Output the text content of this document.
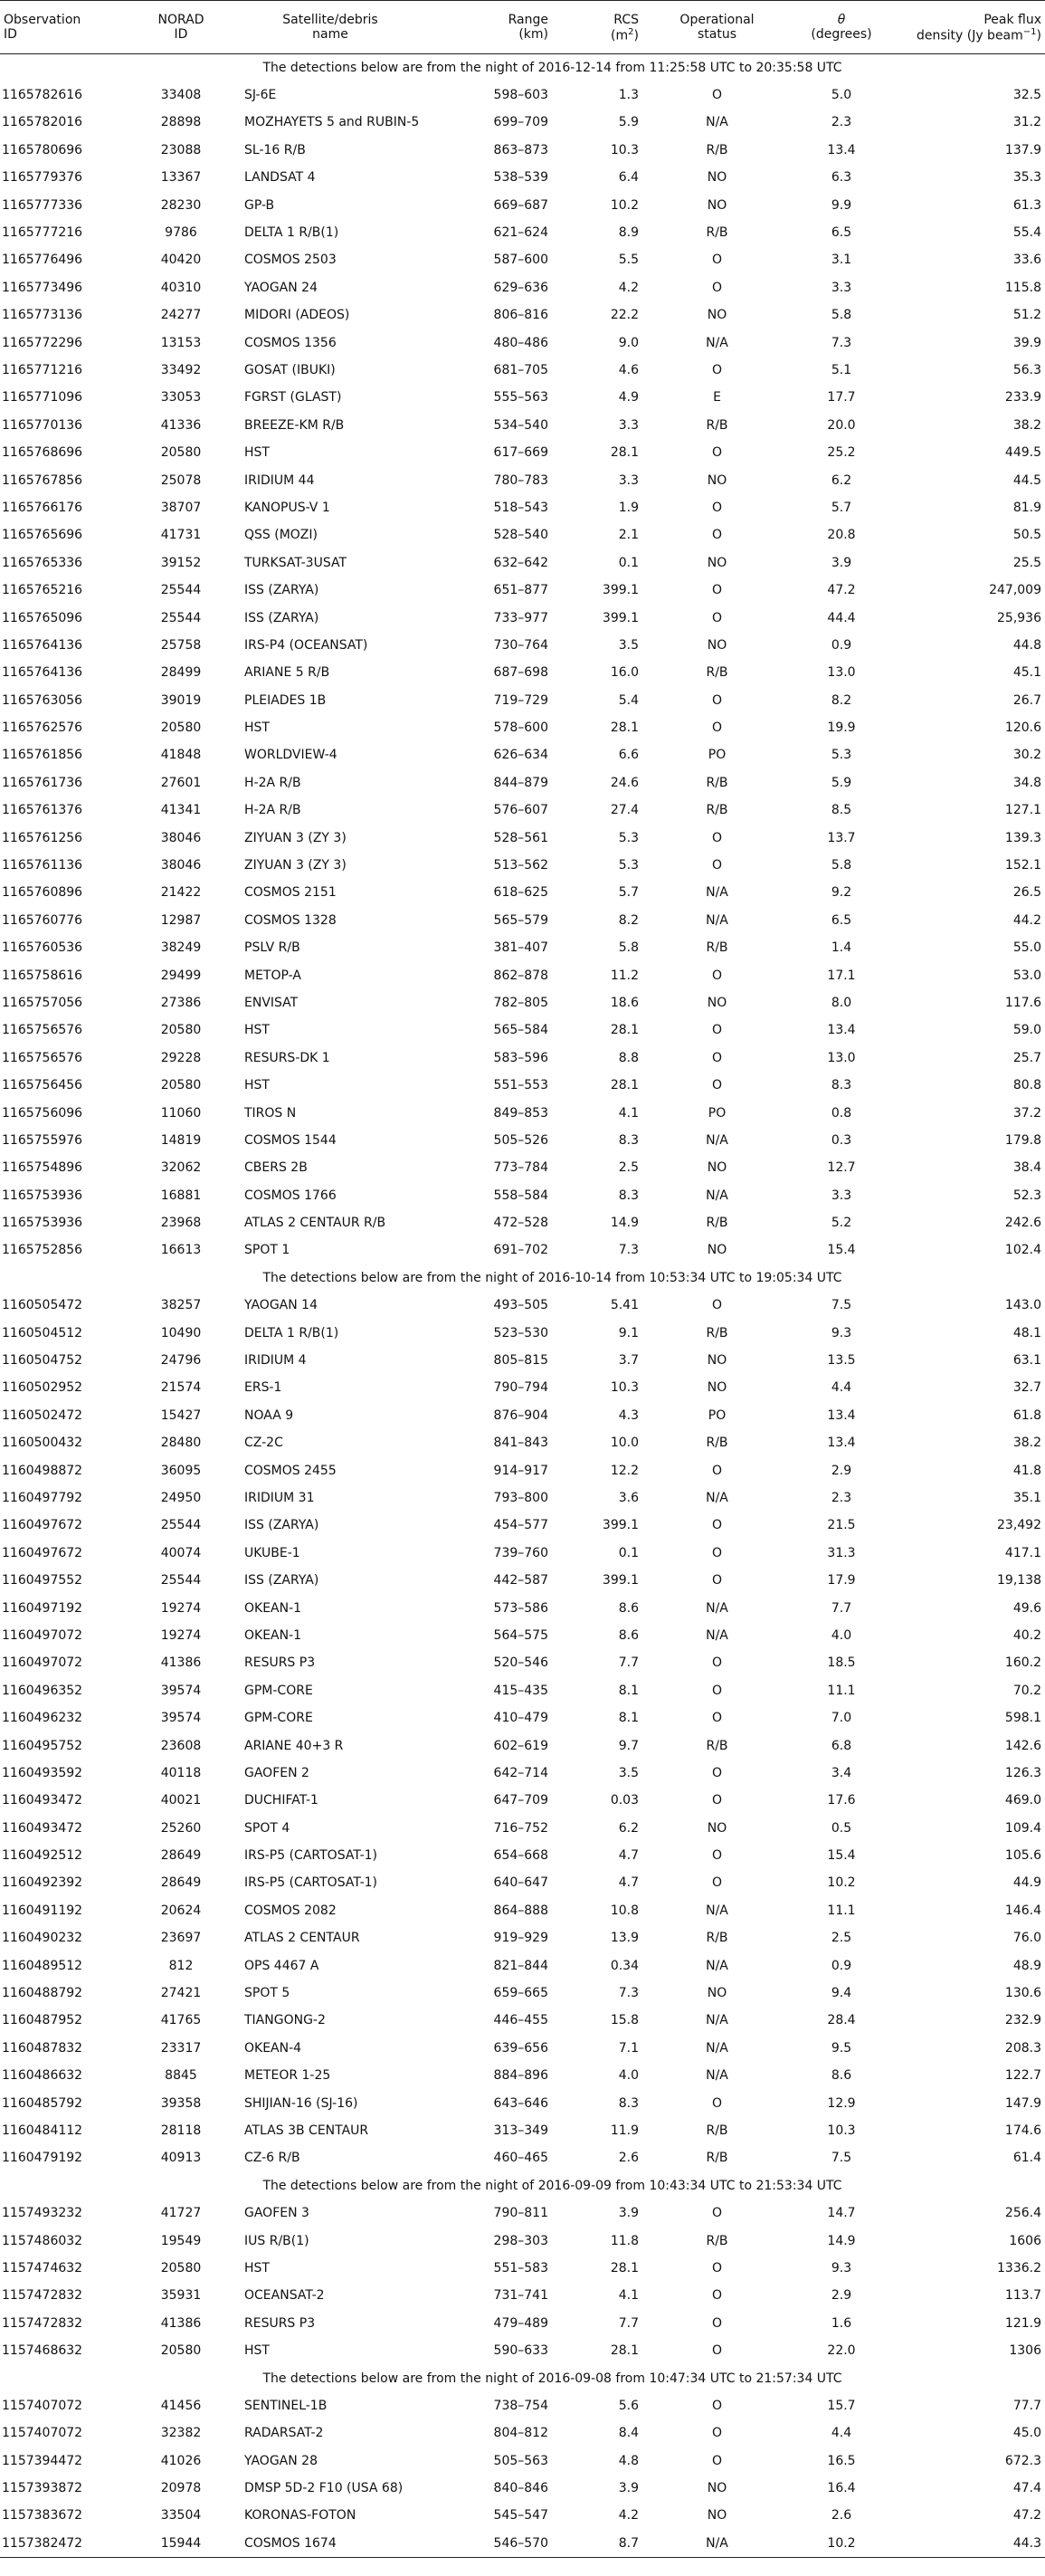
Observation	NORAD	Satellite/debris	Range	RCS	Operational	θ	Peak flux
ID	ID	name	(km)	$(m^2)$	status	(degrees)	density (Jy beam$^{-1}$)
The detections below are from the night of 2016-12-14 from 11:25:58 UTC to 20:35:58 UTC							
1165782616	33408	SJ-6E	598–603	1.3	O	5.0	32.5
1165782016	28898	MOZHAYETS 5 and RUBIN-5	699–709	5.9	N/A	2.3	31.2
1165780696	23088	SL-16 R/B	863–873	10.3	R/B	13.4	137.9
1165779376	13367	LANDSAT 4	538–539	6.4	NO	6.3	35.3
1165777336	28230	GP-B	669–687	10.2	NO	9.9	61.3
1165777216	9786	DELTA 1 R/B(1)	621–624	8.9	R/B	6.5	55.4
1165776496	40420	COSMOS 2503	587–600	5.5	O	3.1	33.6
1165773496	40310	YAOGAN 24	629–636	4.2	O	3.3	115.8
1165773136	24277	MIDORI (ADEOS)	806–816	22.2	NO	5.8	51.2
1165772296	13153	COSMOS 1356	480–486	9.0	N/A	7.3	39.9
1165771216	33492	GOSAT (IBUKI)	681–705	4.6	O	5.1	56.3
1165771096	33053	FGRST (GLAST)	555–563	4.9	E	17.7	233.9
1165770136	41336	BREEZE-KM R/B	534–540	3.3	R/B	20.0	38.2
1165768696	20580	HST	617–669	28.1	O	25.2	449.5
1165767856	25078	IRIDIUM 44	780–783	3.3	NO	6.2	44.5
1165766176	38707	KANOPUS-V 1	518–543	1.9	O	5.7	81.9
1165765696	41731	QSS (MOZI)	528–540	2.1	O	20.8	50.5
1165765336	39152	TURKSAT-3USAT	632–642	0.1	NO	3.9	25.5
1165765216	25544	ISS (ZARYA)	651–877	399.1	O	47.2	247,009
1165765096	25544	ISS (ZARYA)	733–977	399.1	O	44.4	25,936
1165764136	25758	IRS-P4 (OCEANSAT)	730–764	3.5	NO	0.9	44.8
1165764136	28499	ARIANE 5 R/B	687–698	16.0	R/B	13.0	45.1
1165763056	39019	PLEIADES 1B	719–729	5.4	O	8.2	26.7
1165762576	20580	HST	578–600	28.1	O	19.9	120.6
1165761856	41848	WORLDVIEW-4	626–634	6.6	PO	5.3	30.2
1165761736	27601	H-2A R/B	844–879	24.6	R/B	5.9	34.8
1165761376	41341	H-2A R/B	576–607	27.4	R/B	8.5	127.1
1165761256	38046	ZIYUAN 3 (ZY 3)	528–561	5.3	O	13.7	139.3
1165761136	38046	ZIYUAN 3 (ZY 3)	513–562	5.3	O	5.8	152.1
1165760896	21422	COSMOS 2151	618–625	5.7	N/A	9.2	26.5
1165760776	12987	COSMOS 1328	565–579	8.2	N/A	6.5	44.2
1165760536	38249	PSLV R/B	381–407	5.8	R/B	1.4	55.0
1165758616	29499	METOP-A	862–878	11.2	O	17.1	53.0
1165757056	27386	ENVISAT	782–805	18.6	NO	8.0	117.6
1165756576	20580	HST	565–584	28.1	O	13.4	59.0
1165756576	29228	RESURS-DK 1	583–596	8.8	O	13.0	25.7
1165756456	20580	HST	551–553	28.1	O	8.3	80.8
1165756096	11060	TIROS N	849–853	4.1	PO	0.8	37.2
1165755976	14819	COSMOS 1544	505–526	8.3	N/A	0.3	179.8
1165754896	32062	CBERS 2B	773–784	2.5	NO	12.7	38.4
1165753936	16881	COSMOS 1766	558–584	8.3	N/A	3.3	52.3
1165753936	23968	ATLAS 2 CENTAUR R/B	472–528	14.9	R/B	5.2	242.6
1165752856	16613	SPOT 1	691–702	7.3	NO	15.4	102.4
The detections below are from the night of 2016-10-14 from 10:53:34 UTC to 19:05:34 UTC							
1160505472	38257	YAOGAN 14	493–505	5.41	O	7.5	143.0
1160504512	10490	DELTA 1 R/B(1)	523–530	9.1	R/B	9.3	48.1
1160504752	24796	IRIDIUM 4	805–815	3.7	NO	13.5	63.1
1160502952	21574	ERS-1	790–794	10.3	NO	4.4	32.7
1160502472	15427	NOAA 9	876–904	4.3	PO	13.4	61.8
1160500432	28480	CZ-2C	841–843	10.0	R/B	13.4	38.2
1160498872	36095	COSMOS 2455	914–917	12.2	O	2.9	41.8
1160497792	24950	IRIDIUM 31	793–800	3.6	N/A	2.3	35.1
1160497672	25544	ISS (ZARYA)	454–577	399.1	O	21.5	23,492
1160497672	40074	UKUBE-1	739–760	0.1	O	31.3	417.1
1160497552	25544	ISS (ZARYA)	442–587	399.1	O	17.9	19,138
1160497192	19274	OKEAN-1	573–586	8.6	N/A	7.7	49.6
1160497072	19274	OKEAN-1	564–575	8.6	N/A	4.0	40.2
1160497072	41386	RESURS P3	520–546	7.7	O	18.5	160.2
1160496352	39574	GPM-CORE	415–435	8.1	O	11.1	70.2
1160496232	39574	GPM-CORE	410–479	8.1	O	7.0	598.1
1160495752	23608	ARIANE 40+3 R	602–619	9.7	R/B	6.8	142.6
1160493592	40118	GAOFEN 2	642–714	3.5	O	3.4	126.3
1160493472	40021	DUCHIFAT-1	647–709	0.03	O	17.6	469.0
1160493472	25260	SPOT 4	716–752	6.2	NO	0.5	109.4
1160492512	28649	IRS-P5 (CARTOSAT-1)	654–668	4.7	O	15.4	105.6
1160492392	28649	IRS-P5 (CARTOSAT-1)	640–647	4.7	O	10.2	44.9
1160491192	20624	COSMOS 2082	864–888	10.8	N/A	11.1	146.4
1160490232	23697	ATLAS 2 CENTAUR	919–929	13.9	R/B	2.5	76.0
1160489512	812	OPS 4467 A	821–844	0.34	N/A	0.9	48.9
1160488792	27421	SPOT 5	659–665	7.3	NO	9.4	130.6
1160487952	41765	TIANGONG-2	446–455	15.8	N/A	28.4	232.9
1160487832	23317	OKEAN-4	639–656	7.1	N/A	9.5	208.3
1160486632	8845	METEOR 1-25	884–896	4.0	N/A	8.6	122.7
1160485792	39358	SHIJIAN-16 (SJ-16)	643–646	8.3	O	12.9	147.9
1160484112	28118	ATLAS 3B CENTAUR	313–349	11.9	R/B	10.3	174.6
1160479192	40913	CZ-6 R/B	460–465	2.6	R/B	7.5	61.4
The detections below are from the night of 2016-09-09 from 10:43:34 UTC to 21:53:34 UTC							
1157493232	41727	GAOFEN 3	790–811	3.9	O	14.7	256.4
1157486032	19549	IUS R/B(1)	298–303	11.8	R/B	14.9	1606
1157474632	20580	HST	551–583	28.1	O	9.3	1336.2
1157472832	35931	OCEANSAT-2	731–741	4.1	O	2.9	113.7
1157472832	41386	RESURS P3	479–489	7.7	O	1.6	121.9
1157468632	20580	HST	590–633	28.1	O	22.0	1306
The detections below are from the night of 2016-09-08 from 10:47:34 UTC to 21:57:34 UTC							
1157407072	41456	SENTINEL-1B	738–754	5.6	O	15.7	77.7
1157407072	32382	RADARSAT-2	804–812	8.4	O	4.4	45.0
1157394472	41026	YAOGAN 28	505–563	4.8	O	16.5	672.3
1157393872	20978	DMSP 5D-2 F10 (USA 68)	840–846	3.9	NO	16.4	47.4
1157383672	33504	KORONAS-FOTON	545–547	4.2	NO	2.6	47.2
1157382472	15944	COSMOS 1674	546–570	8.7	N/A	10.2	44.3
